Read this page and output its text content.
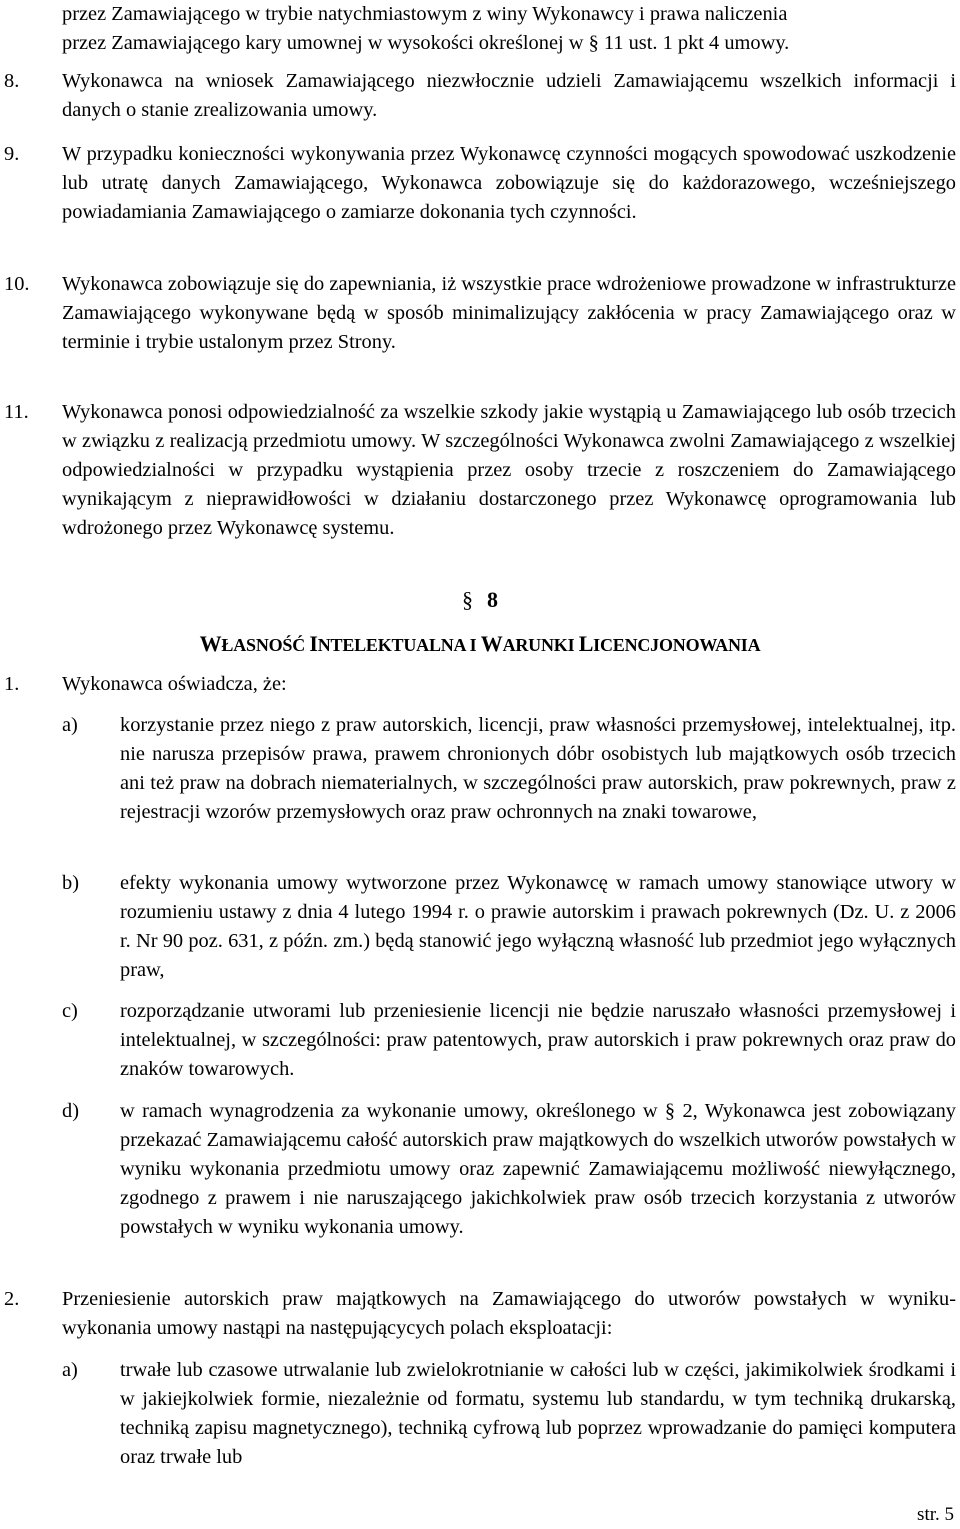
przez Zamawiającego w trybie natychmiastowym z winy Wykonawcy i prawa naliczenia
przez Zamawiającego kary umownej w wysokości określonej w § 11 ust. 1 pkt 4 umowy.
8. Wykonawca na wniosek Zamawiającego niezwłocznie udzieli Zamawiającemu wszelkich informacji i danych o stanie zrealizowania umowy.
9. W przypadku konieczności wykonywania przez Wykonawcę czynności mogących spowodować uszkodzenie lub utratę danych Zamawiającego, Wykonawca zobowiązuje się do każdorazowego, wcześniejszego powiadamiania Zamawiającego o zamiarze dokonania tych czynności.
10. Wykonawca zobowiązuje się do zapewniania, iż wszystkie prace wdrożeniowe prowadzone w infrastrukturze Zamawiającego wykonywane będą w sposób minimalizujący zakłócenia w pracy Zamawiającego oraz w terminie i trybie ustalonym przez Strony.
11. Wykonawca ponosi odpowiedzialność za wszelkie szkody jakie wystąpią u Zamawiającego lub osób trzecich w związku z realizacją przedmiotu umowy. W szczególności Wykonawca zwolni Zamawiającego z wszelkiej odpowiedzialności w przypadku wystąpienia przez osoby trzecie z roszczeniem do Zamawiającego wynikającym z nieprawidłowości w działaniu dostarczonego przez Wykonawcę oprogramowania lub wdrożonego przez Wykonawcę systemu.
§ 8
WŁASNOŚĆ INTELEKTUALNA I WARUNKI LICENCJONOWANIA
1. Wykonawca oświadcza, że:
a) korzystanie przez niego z praw autorskich, licencji, praw własności przemysłowej, intelektualnej, itp. nie narusza przepisów prawa, prawem chronionych dóbr osobistych lub majątkowych osób trzecich ani też praw na dobrach niematerialnych, w szczególności praw autorskich, praw pokrewnych, praw z rejestracji wzorów przemysłowych oraz praw ochronnych na znaki towarowe,
b) efekty wykonania umowy wytworzone przez Wykonawcę w ramach umowy stanowiące utwory w rozumieniu ustawy z dnia 4 lutego 1994 r. o prawie autorskim i prawach pokrewnych (Dz. U. z 2006 r. Nr 90 poz. 631, z późn. zm.) będą stanowić jego wyłączną własność lub przedmiot jego wyłącznych praw,
c) rozporządzanie utworami lub przeniesienie licencji nie będzie naruszało własności przemysłowej i intelektualnej, w szczególności: praw patentowych, praw autorskich i praw pokrewnych oraz praw do znaków towarowych.
d) w ramach wynagrodzenia za wykonanie umowy, określonego w § 2, Wykonawca jest zobowiązany przekazać Zamawiającemu całość autorskich praw majątkowych do wszelkich utworów powstałych w wyniku wykonania przedmiotu umowy oraz zapewnić Zamawiającemu możliwość niewyłącznego, zgodnego z prawem i nie naruszającego jakichkolwiek praw osób trzecich korzystania z utworów powstałych w wyniku wykonania umowy.
2. Przeniesienie autorskich praw majątkowych na Zamawiającego do utworów powstałych w wyniku-wykonania umowy nastąpi na następującycych polach eksploatacji:
a) trwałe lub czasowe utrwalanie lub zwielokrotnianie w całości lub w części, jakimikolwiek środkami i w jakiejkolwiek formie, niezależnie od formatu, systemu lub standardu, w tym techniką drukarską, techniką zapisu magnetycznego), techniką cyfrową lub poprzez wprowadzanie do pamięci komputera oraz trwałe lub
str. 5
